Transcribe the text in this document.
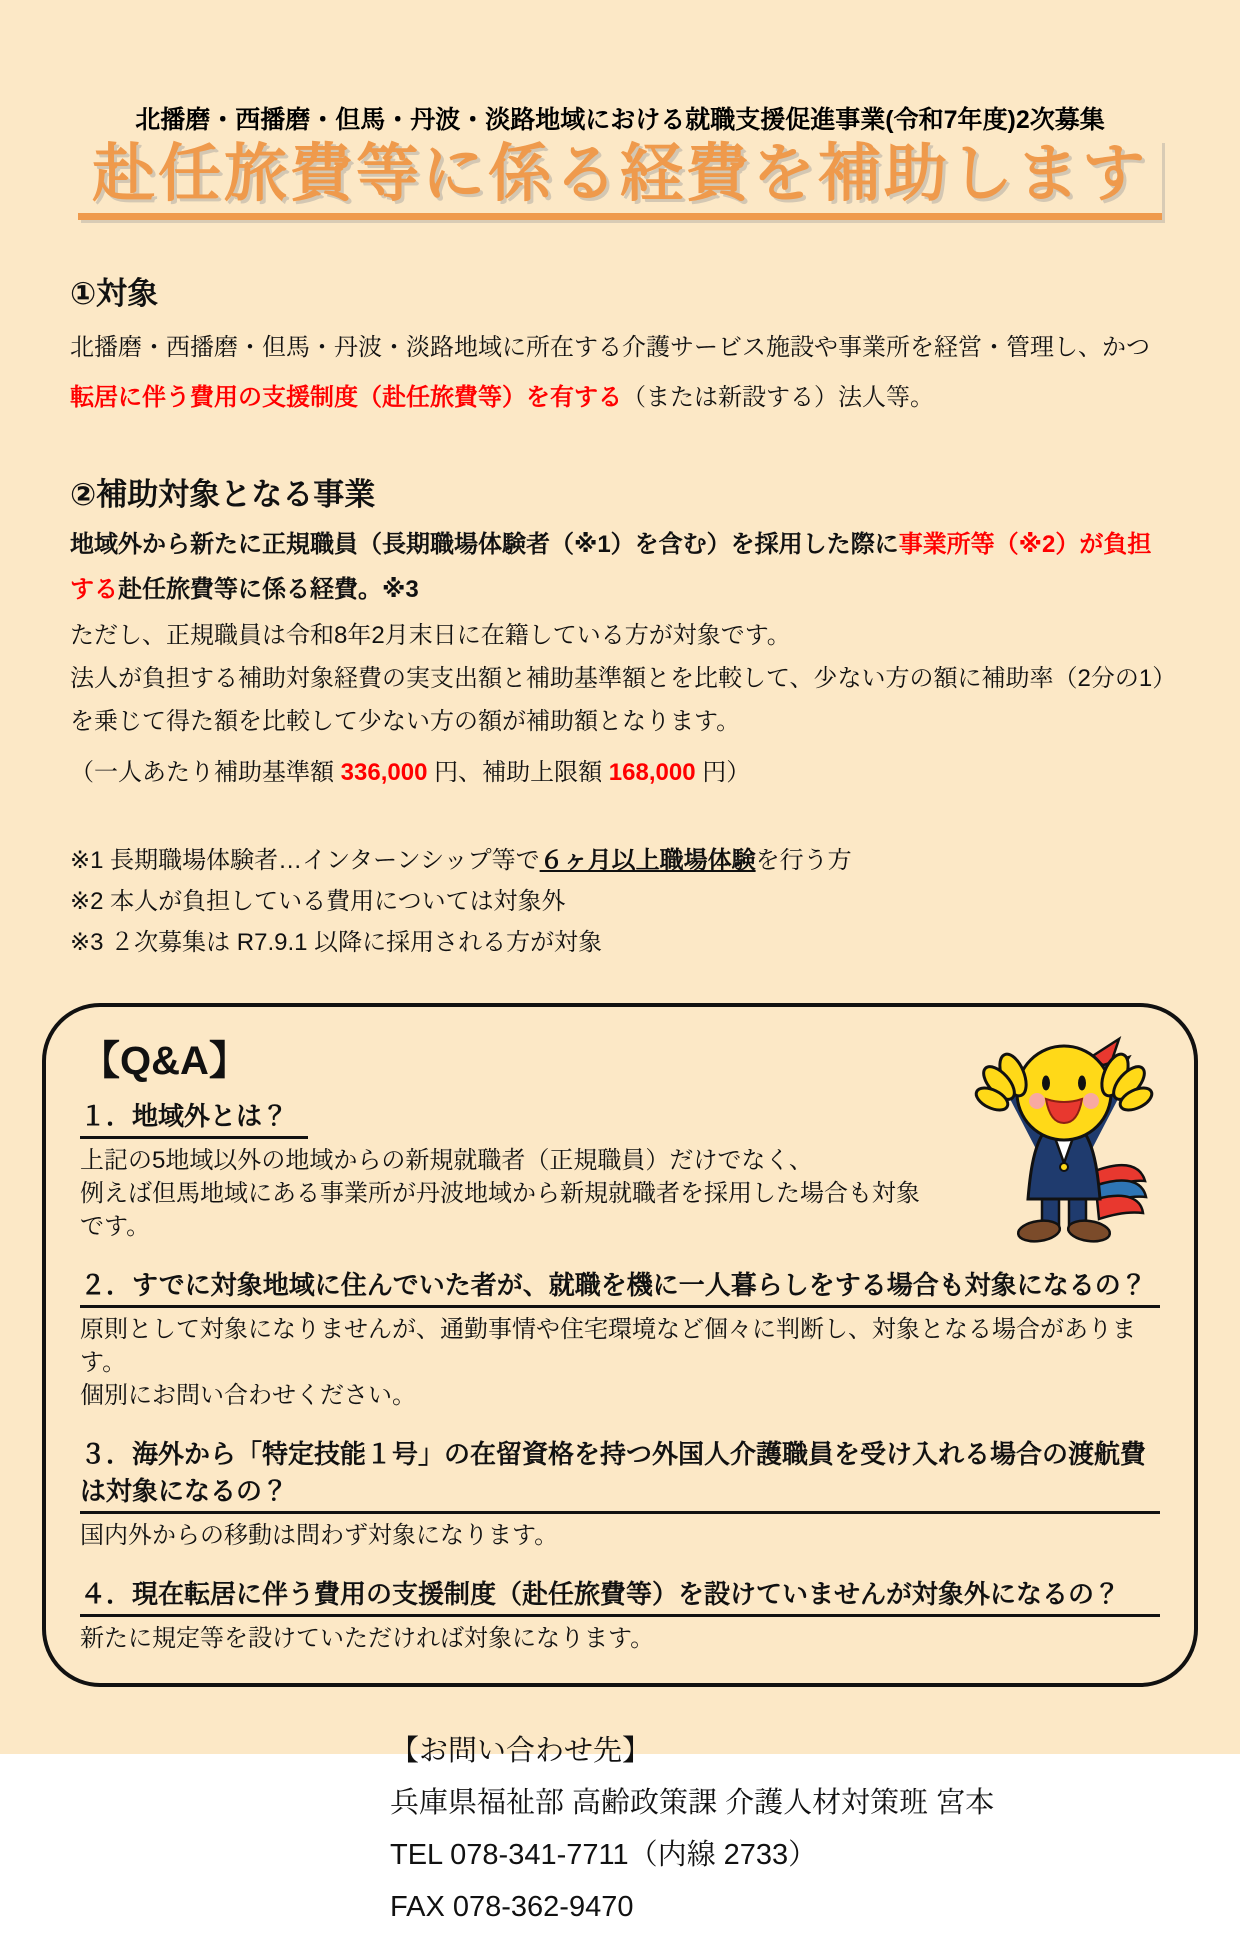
北播磨・西播磨・但馬・丹波・淡路地域における就職支援促進事業(令和7年度)2次募集
赴任旅費等に係る経費を補助します
①対象

北播磨・西播磨・但馬・丹波・淡路地域に所在する介護サービス施設や事業所を経営・管理し、かつ転居に伴う費用の支援制度（赴任旅費等）を有する（または新設する）法人等。

②補助対象となる事業

地域外から新たに正規職員（長期職場体験者（※1）を含む）を採用した際に事業所等（※2）が負担する赴任旅費等に係る経費。※3

ただし、正規職員は令和8年2月末日に在籍している方が対象です。

法人が負担する補助対象経費の実支出額と補助基準額とを比較して、少ない方の額に補助率（2分の1）を乗じて得た額を比較して少ない方の額が補助額となります。

（一人あたり補助基準額 336,000 円、補助上限額 168,000 円）

※1 長期職場体験者…インターンシップ等で６ヶ月以上職場体験を行う方

※2 本人が負担している費用については対象外

※3 ２次募集は R7.9.1 以降に採用される方が対象

【Q&A】

１．地域外とは？

上記の5地域以外の地域からの新規就職者（正規職員）だけでなく、

例えば但馬地域にある事業所が丹波地域から新規就職者を採用した場合も対象です。

２．すでに対象地域に住んでいた者が、就職を機に一人暮らしをする場合も対象になるの？

原則として対象になりませんが、通勤事情や住宅環境など個々に判断し、対象となる場合があります。

個別にお問い合わせください。

３．海外から「特定技能１号」の在留資格を持つ外国人介護職員を受け入れる場合の渡航費は対象になるの？

国内外からの移動は問わず対象になります。

４．現在転居に伴う費用の支援制度（赴任旅費等）を設けていませんが対象外になるの？

新たに規定等を設けていただければ対象になります。

【お問い合わせ先】

兵庫県福祉部 高齢政策課 介護人材対策班 宮本

TEL 078-341-7711（内線 2733）

FAX 078-362-9470
